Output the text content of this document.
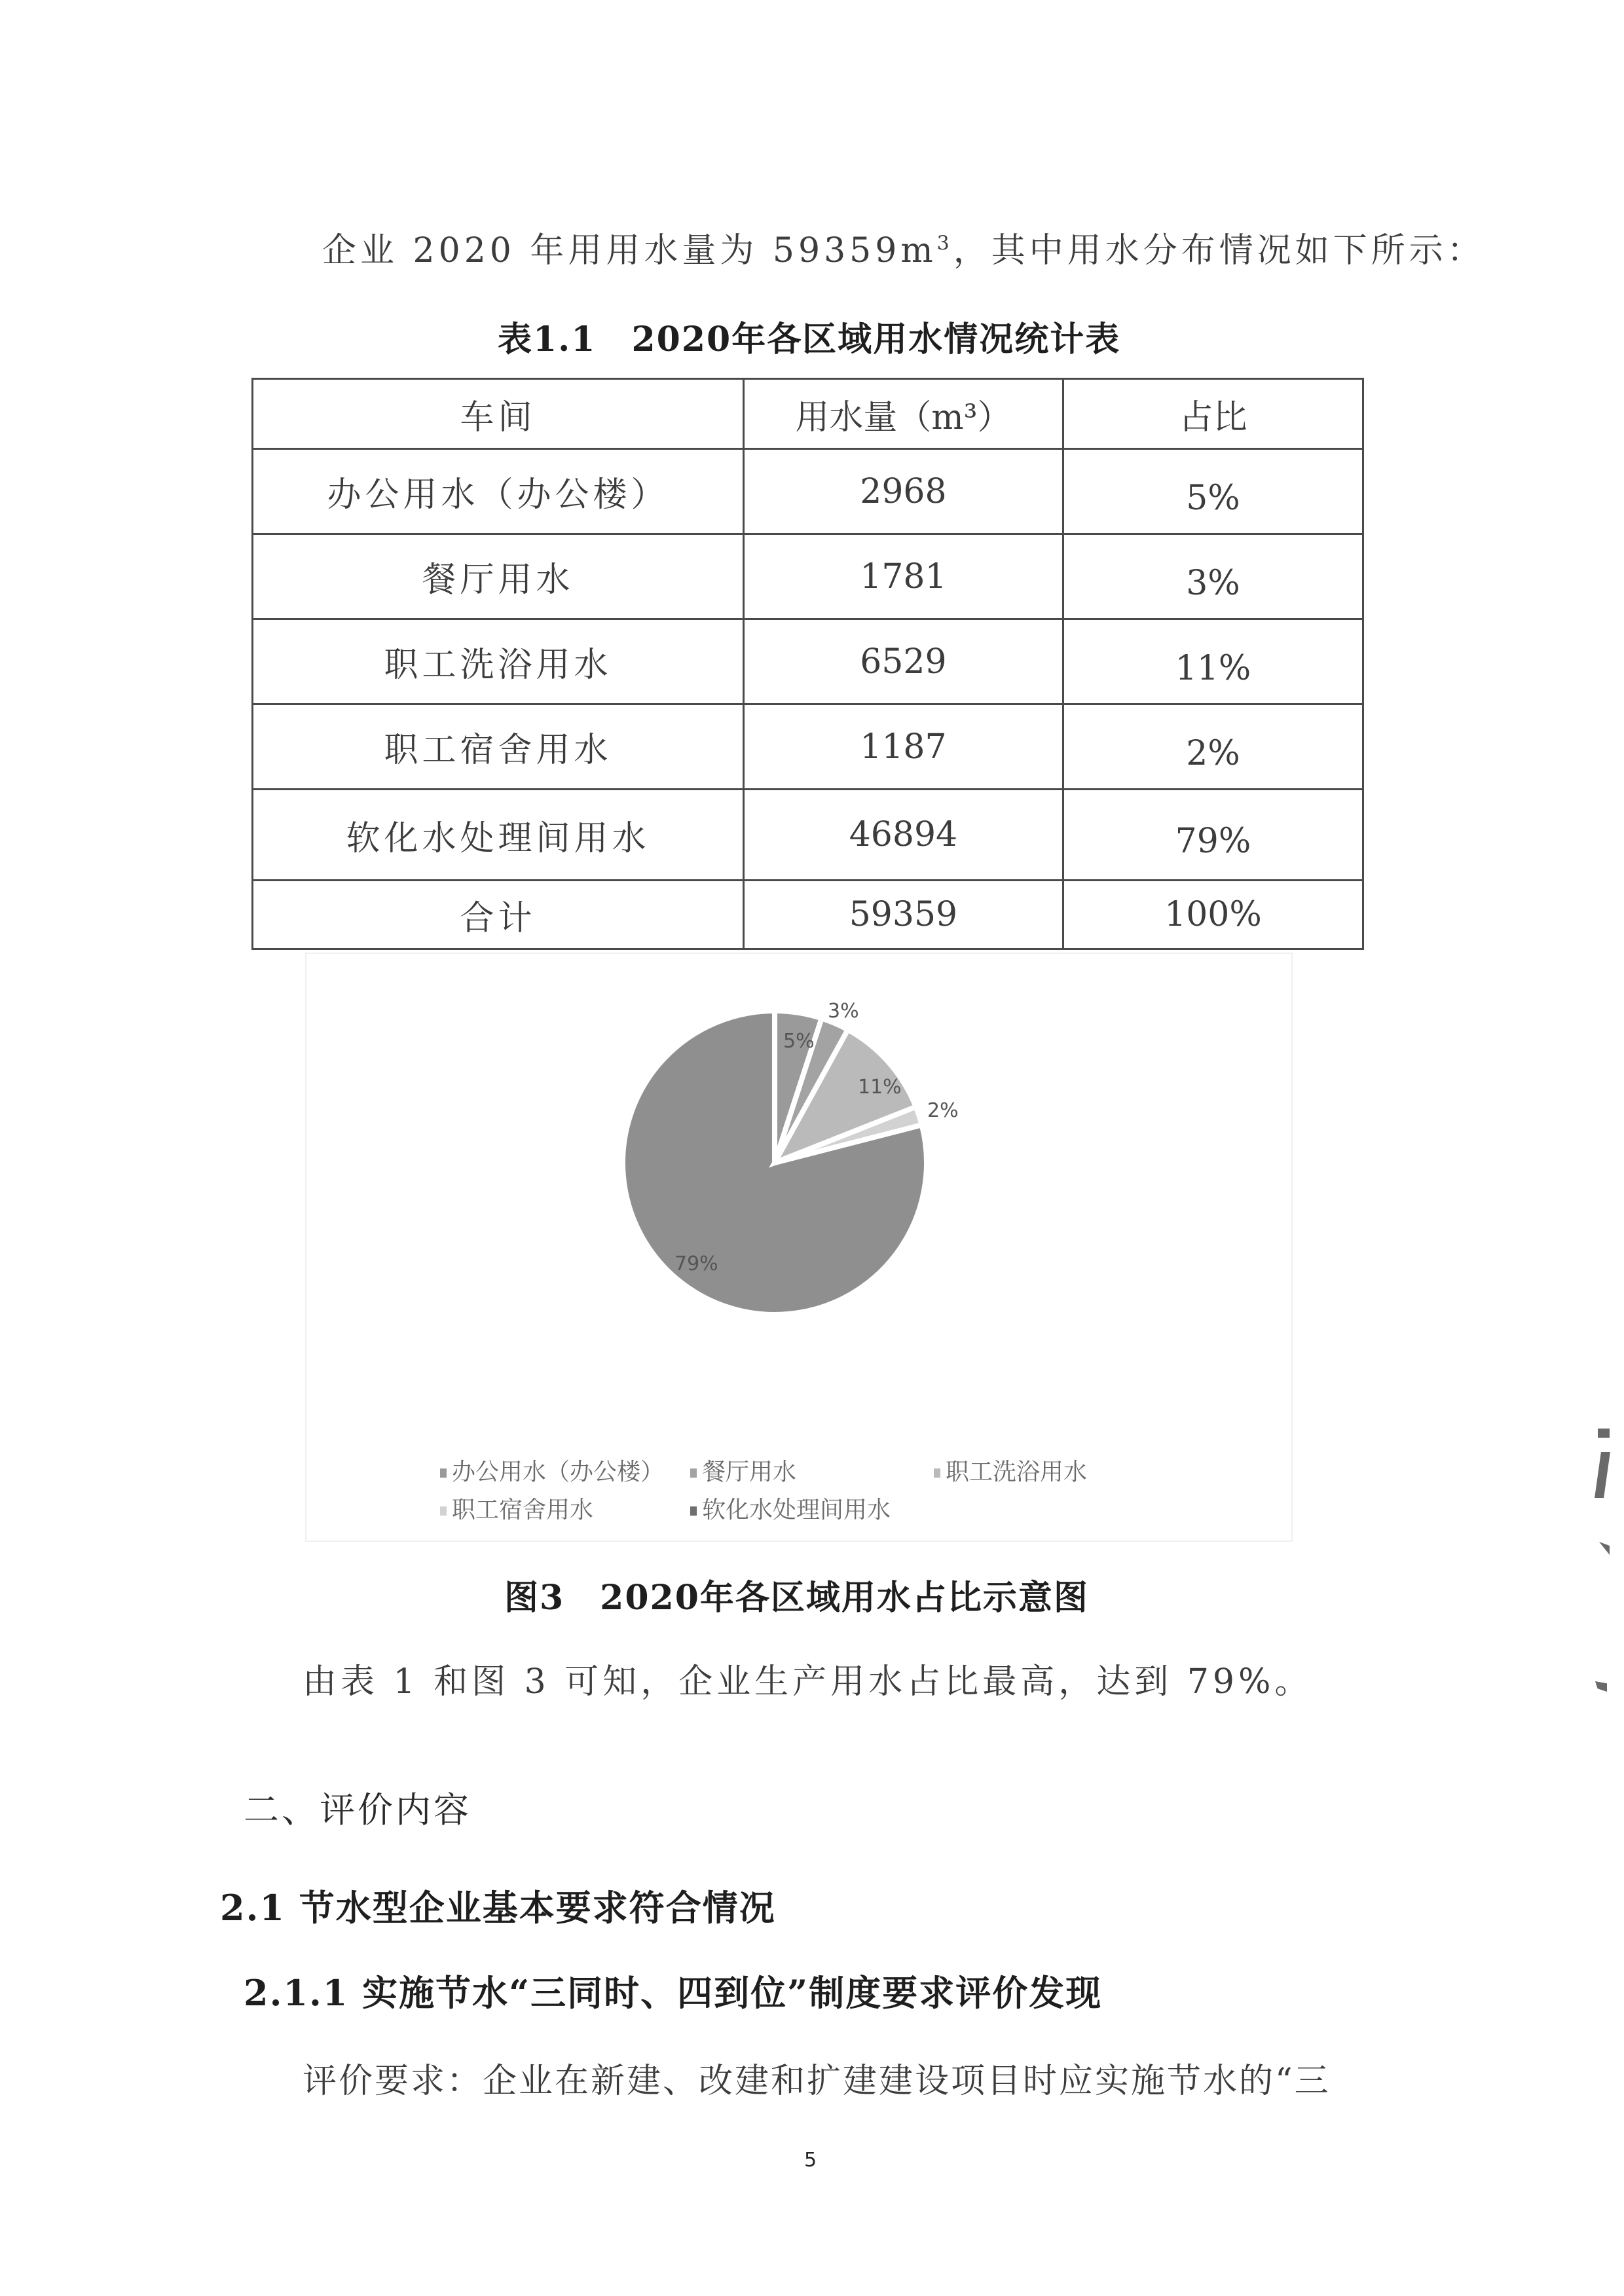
企业 2020 年用用水量为 $59359m^3$，其中用水分布情况如下所示：
表1.1　2020年各区域用水情况统计表
车间	用水量（m³）	占比
办公用水（办公楼）	2968	5%
餐厅用水	1781	3%
职工洗浴用水	6529	11%
职工宿舍用水	1187	2%
软化水处理间用水	46894	79%
合计	59359	100%
5%
3%
11%
2%
79%
办公用水（办公楼）	餐厅用水	职工洗浴用水
职工宿舍用水	软化水处理间用水
图3　2020年各区域用水占比示意图
由表 1 和图 3 可知，企业生产用水占比最高，达到 79%。
二、评价内容
2.1 节水型企业基本要求符合情况
2.1.1 实施节水“三同时、四到位”制度要求评价发现
评价要求：企业在新建、改建和扩建建设项目时应实施节水的“三
5
